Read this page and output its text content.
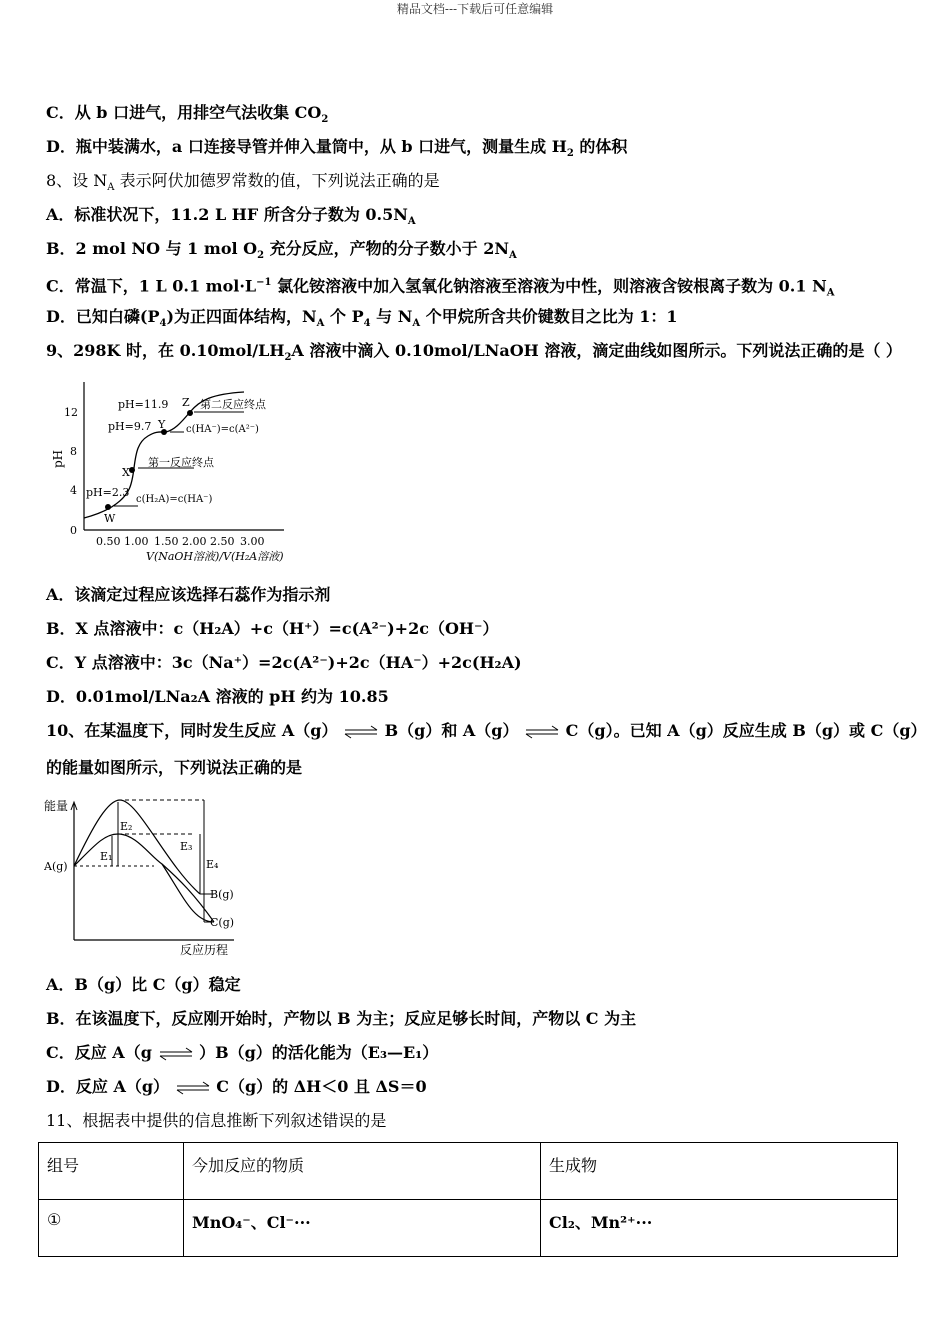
精品文档---下载后可任意编辑
C．从 b 口进气，用排空气法收集 $CO_2$
D．瓶中装满水，a 口连接导管并伸入量筒中，从 b 口进气，测量生成 $H_2$ 的体积
8、设 $N_A$ 表示阿伏加德罗常数的值，下列说法正确的是
A．标准状况下，11.2 L HF 所含分子数为 $0.5N_A$
B．2 mol NO 与 1 mol $O_2$ 充分反应，产物的分子数小于 $2N_A$
C．常温下，1 L 0.1 $mol\cdot L^{-1}$ 氯化铵溶液中加入氢氧化钠溶液至溶液为中性，则溶液含铵根离子数为 0.1 $N_A$
D．已知白磷$(P_4)$为正四面体结构，$N_A$ 个 $P_4$ 与 $N_A$ 个甲烷所含共价键数目之比为 1：1
9、298K 时，在 $0.10mol/LH_2A$ 溶液中滴入 0.10mol/LNaOH 溶液，滴定曲线如图所示。下列说法正确的是（ ）
pH
0
4
8
12
0.50 1.00 1.50 2.00 2.50 3.00
V(NaOH溶液)/V(H₂A溶液)
pH=11.9 Z 第二反应终点
pH=9.7 Y c(HA⁻)=c(A²⁻)
X
第一反应终点
pH=2.3
c(H₂A)=c(HA⁻)
W
A．该滴定过程应该选择石蕊作为指示剂
B．X 点溶液中：c（H₂A）+c（H⁺）=c(A²⁻)+2c（OH⁻）
C．Y 点溶液中：3c（Na⁺）=2c(A²⁻)+2c（HA⁻）+2c(H₂A)
D．0.01mol/LNa₂A 溶液的 pH 约为 10.85
10、在某温度下，同时发生反应 A（g） ⇌ B（g）和 A（g） ⇌ C（g）。已知 A（g）反应生成 B（g）或 C（g）
的能量如图所示，下列说法正确的是
能量
反应历程
A(g)
E₁
E₂
E₃
E₄
B(g)
C(g)
A．B（g）比 C（g）稳定
B．在该温度下，反应刚开始时，产物以 B 为主；反应足够长时间，产物以 C 为主
C．反应 A（g ⇌ ）B（g）的活化能为（E₃—E₁）
D．反应 A（g） ⇌ C（g）的 ΔH＜0 且 ΔS＝0
11、根据表中提供的信息推断下列叙述错误的是
组号	今加反应的物质	生成物
①	MnO₄⁻、Cl⁻···	Cl₂、Mn²⁺···
